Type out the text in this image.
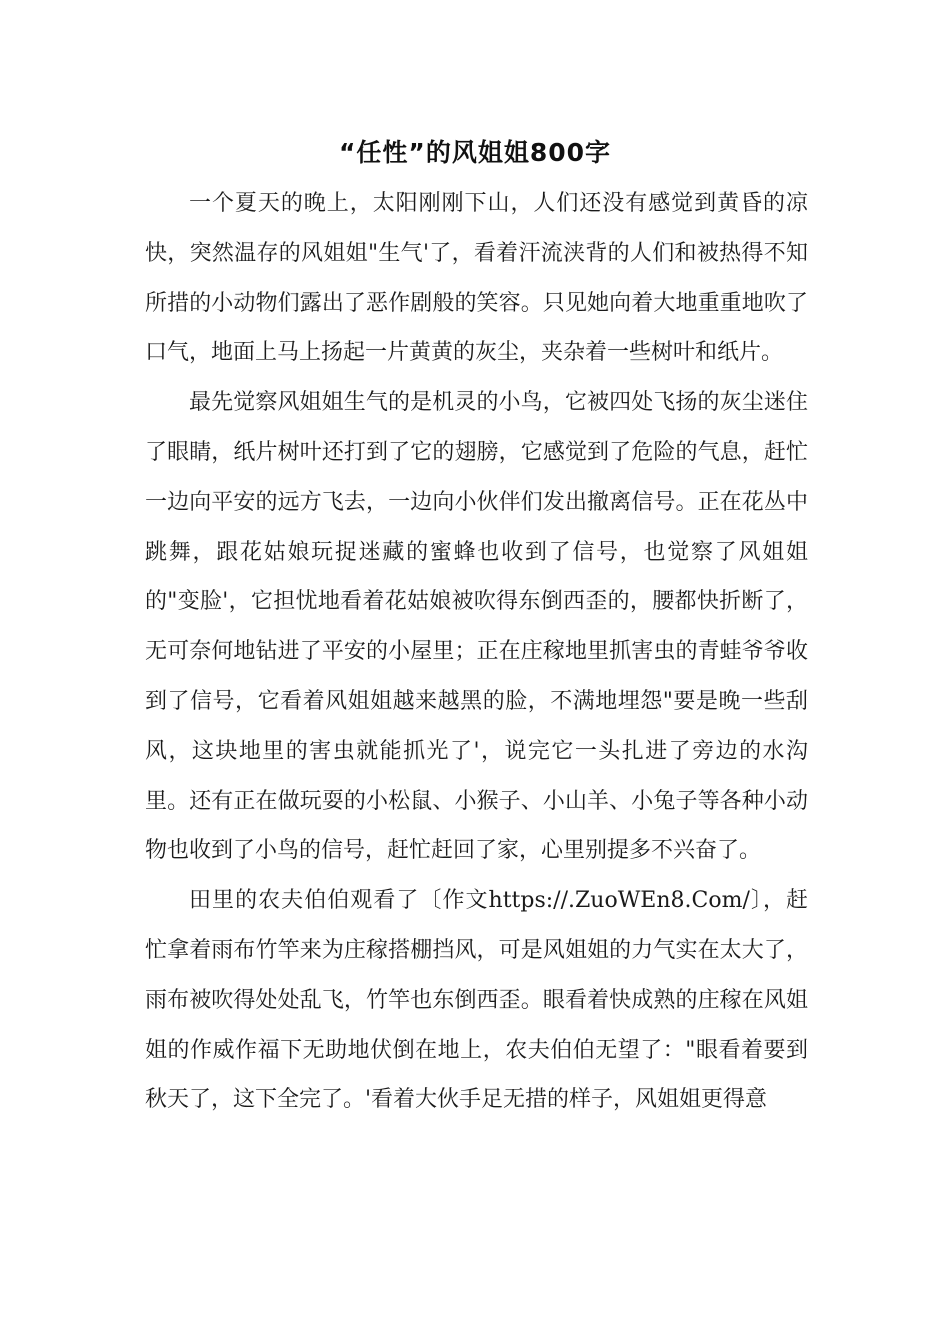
“任性”的风姐姐800字

一个夏天的晚上，太阳刚刚下山，人们还没有感觉到黄昏的凉快，突然温存的风姐姐"生气'了，看着汗流浃背的人们和被热得不知所措的小动物们露出了恶作剧般的笑容。只见她向着大地重重地吹了口气，地面上马上扬起一片黄黄的灰尘，夹杂着一些树叶和纸片。

最先觉察风姐姐生气的是机灵的小鸟，它被四处飞扬的灰尘迷住了眼睛，纸片树叶还打到了它的翅膀，它感觉到了危险的气息，赶忙一边向平安的远方飞去，一边向小伙伴们发出撤离信号。正在花丛中跳舞，跟花姑娘玩捉迷藏的蜜蜂也收到了信号，也觉察了风姐姐的"变脸'，它担忧地看着花姑娘被吹得东倒西歪的，腰都快折断了，无可奈何地钻进了平安的小屋里；正在庄稼地里抓害虫的青蛙爷爷收到了信号，它看着风姐姐越来越黑的脸，不满地埋怨"要是晚一些刮风，这块地里的害虫就能抓光了'，说完它一头扎进了旁边的水沟里。还有正在做玩耍的小松鼠、小猴子、小山羊、小兔子等各种小动物也收到了小鸟的信号，赶忙赶回了家，心里别提多不兴奋了。

田里的农夫伯伯观看了〔作文https://.ZuoWEn8.Com/〕，赶忙拿着雨布竹竿来为庄稼搭棚挡风，可是风姐姐的力气实在太大了，雨布被吹得处处乱飞，竹竿也东倒西歪。眼看着快成熟的庄稼在风姐姐的作威作福下无助地伏倒在地上，农夫伯伯无望了："眼看着要到秋天了，这下全完了。'看着大伙手足无措的样子，风姐姐更得意
